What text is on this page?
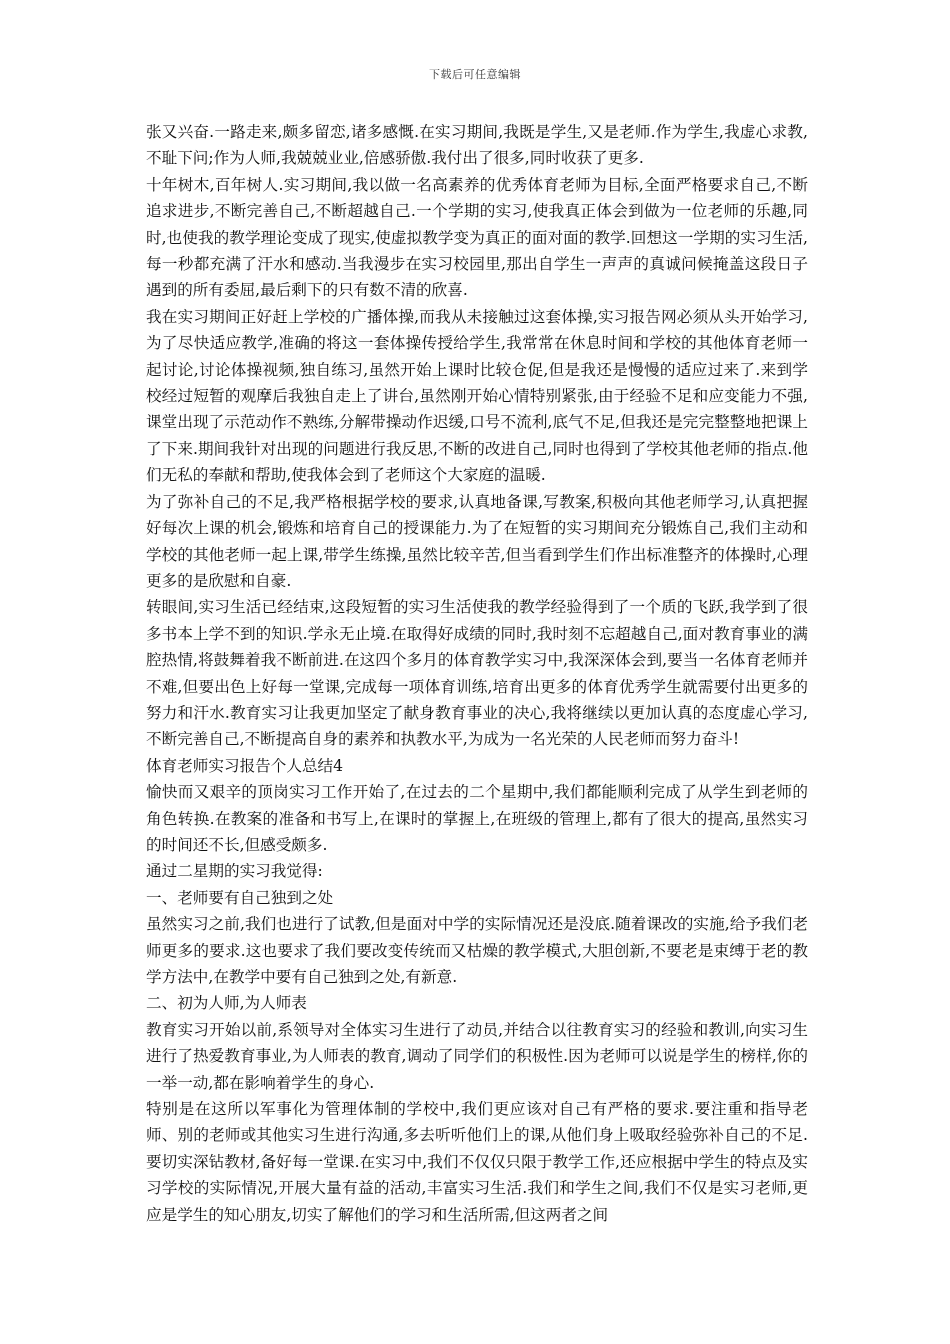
下载后可任意编辑

张又兴奋.一路走来,颇多留恋,诸多感慨.在实习期间,我既是学生,又是老师.作为学生,我虚心求教,不耻下问;作为人师,我兢兢业业,倍感骄傲.我付出了很多,同时收获了更多.

十年树木,百年树人.实习期间,我以做一名高素养的优秀体育老师为目标,全面严格要求自己,不断追求进步,不断完善自己,不断超越自己.一个学期的实习,使我真正体会到做为一位老师的乐趣,同时,也使我的教学理论变成了现实,使虚拟教学变为真正的面对面的教学.回想这一学期的实习生活,每一秒都充满了汗水和感动.当我漫步在实习校园里,那出自学生一声声的真诚问候掩盖这段日子遇到的所有委屈,最后剩下的只有数不清的欣喜.

我在实习期间正好赶上学校的广播体操,而我从未接触过这套体操,实习报告网必须从头开始学习,为了尽快适应教学,准确的将这一套体操传授给学生,我常常在休息时间和学校的其他体育老师一起讨论,讨论体操视频,独自练习,虽然开始上课时比较仓促,但是我还是慢慢的适应过来了.来到学校经过短暂的观摩后我独自走上了讲台,虽然刚开始心情特别紧张,由于经验不足和应变能力不强,课堂出现了示范动作不熟练,分解带操动作迟缓,口号不流利,底气不足,但我还是完完整整地把课上了下来.期间我针对出现的问题进行我反思,不断的改进自己,同时也得到了学校其他老师的指点.他们无私的奉献和帮助,使我体会到了老师这个大家庭的温暖.

为了弥补自己的不足,我严格根据学校的要求,认真地备课,写教案,积极向其他老师学习,认真把握好每次上课的机会,锻炼和培育自己的授课能力.为了在短暂的实习期间充分锻炼自己,我们主动和学校的其他老师一起上课,带学生练操,虽然比较辛苦,但当看到学生们作出标准整齐的体操时,心理更多的是欣慰和自豪.

转眼间,实习生活已经结束,这段短暂的实习生活使我的教学经验得到了一个质的飞跃,我学到了很多书本上学不到的知识.学永无止境.在取得好成绩的同时,我时刻不忘超越自己,面对教育事业的满腔热情,将鼓舞着我不断前进.在这四个多月的体育教学实习中,我深深体会到,要当一名体育老师并不难,但要出色上好每一堂课,完成每一项体育训练,培育出更多的体育优秀学生就需要付出更多的努力和汗水.教育实习让我更加坚定了献身教育事业的决心,我将继续以更加认真的态度虚心学习,不断完善自己,不断提高自身的素养和执教水平,为成为一名光荣的人民老师而努力奋斗!

体育老师实习报告个人总结4

愉快而又艰辛的顶岗实习工作开始了,在过去的二个星期中,我们都能顺利完成了从学生到老师的角色转换.在教案的准备和书写上,在课时的掌握上,在班级的管理上,都有了很大的提高,虽然实习的时间还不长,但感受颇多.

通过二星期的实习我觉得:

一、老师要有自己独到之处

虽然实习之前,我们也进行了试教,但是面对中学的实际情况还是没底.随着课改的实施,给予我们老师更多的要求.这也要求了我们要改变传统而又枯燥的教学模式,大胆创新,不要老是束缚于老的教学方法中,在教学中要有自己独到之处,有新意.

二、初为人师,为人师表

教育实习开始以前,系领导对全体实习生进行了动员,并结合以往教育实习的经验和教训,向实习生进行了热爱教育事业,为人师表的教育,调动了同学们的积极性.因为老师可以说是学生的榜样,你的一举一动,都在影响着学生的身心.

特别是在这所以军事化为管理体制的学校中,我们更应该对自己有严格的要求.要注重和指导老师、别的老师或其他实习生进行沟通,多去听听他们上的课,从他们身上吸取经验弥补自己的不足.要切实深钻教材,备好每一堂课.在实习中,我们不仅仅只限于教学工作,还应根据中学生的特点及实习学校的实际情况,开展大量有益的活动,丰富实习生活.我们和学生之间,我们不仅是实习老师,更应是学生的知心朋友,切实了解他们的学习和生活所需,但这两者之间
